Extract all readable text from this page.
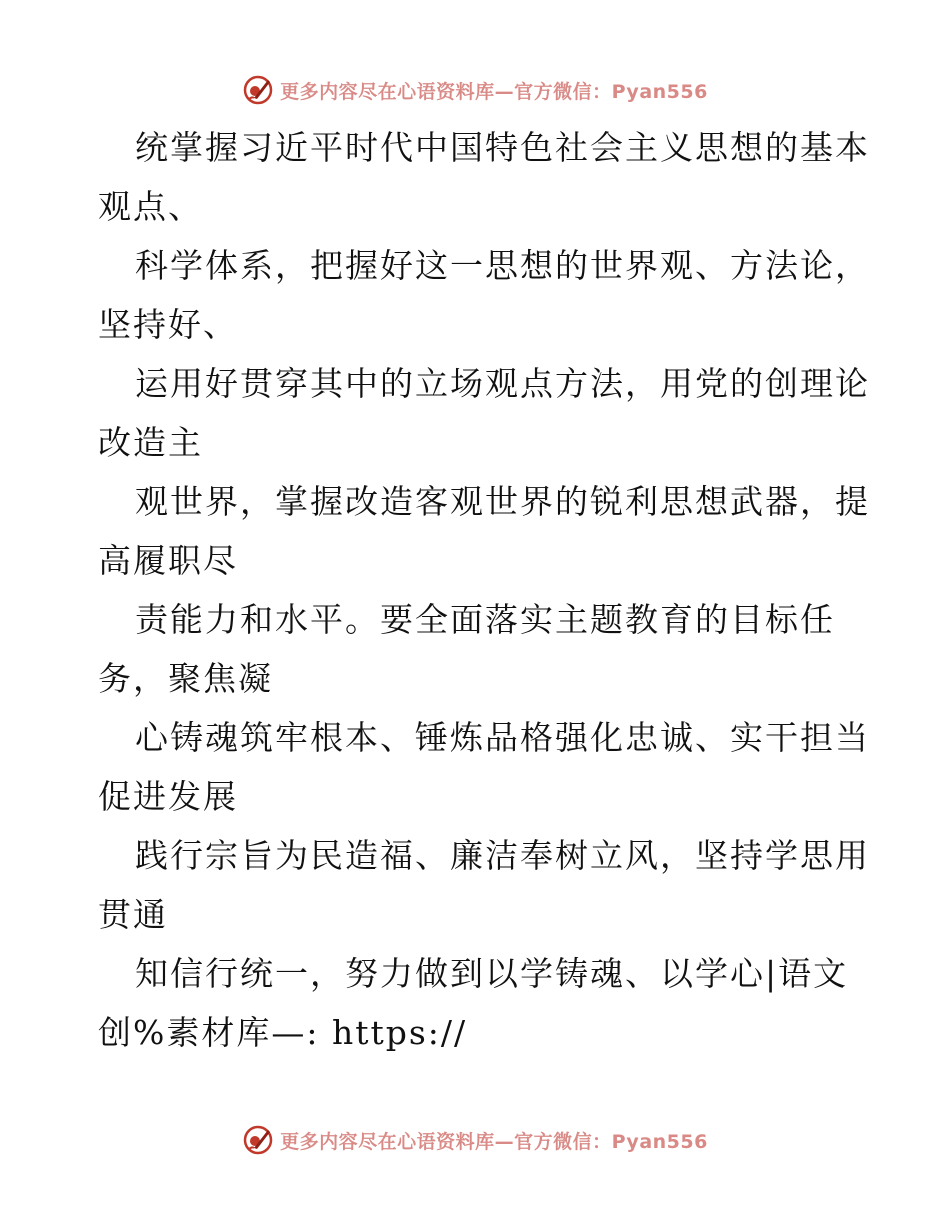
更多内容尽在心语资料库—官方微信：Pyan556
统掌握习近平时代中国特色社会主义思想的基本
观点、
科学体系，把握好这一思想的世界观、方法论，
坚持好、
运用好贯穿其中的立场观点方法，用党的创理论
改造主
观世界，掌握改造客观世界的锐利思想武器，提
高履职尽
责能力和水平。要全面落实主题教育的目标任
务，聚焦凝
心铸魂筑牢根本、锤炼品格强化忠诚、实干担当
促进发展
践行宗旨为民造福、廉洁奉树立风，坚持学思用
贯通
知信行统一，努力做到以学铸魂、以学心|语文
创%素材库—: https://
更多内容尽在心语资料库—官方微信：Pyan556
